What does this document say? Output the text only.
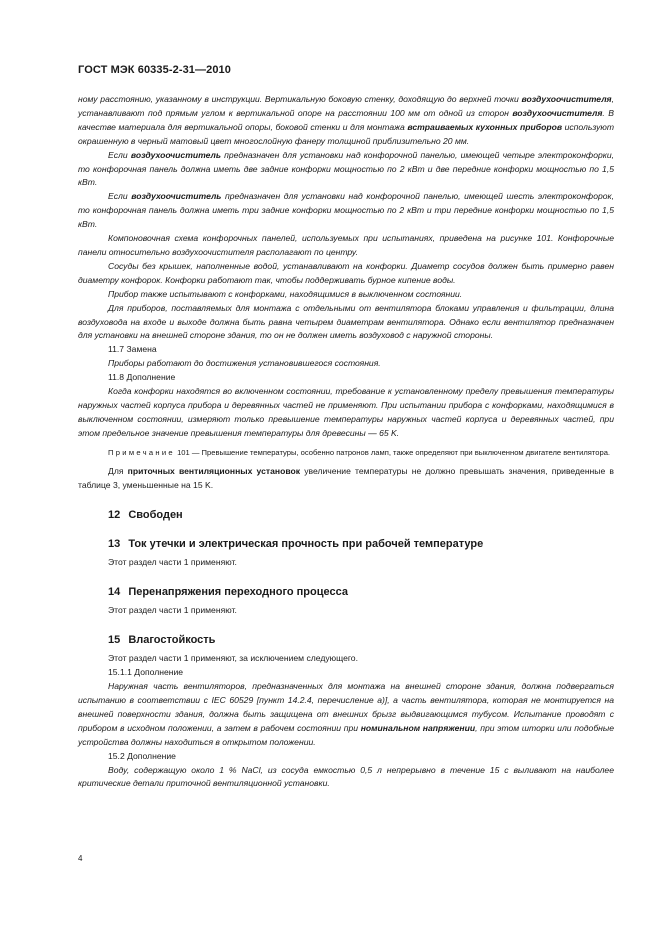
ГОСТ МЭК 60335-2-31—2010

ному расстоянию, указанному в инструкции. Вертикальную боковую стенку, доходящую до верхней точки воздухоочистителя, устанавливают под прямым углом к вертикальной опоре на расстоянии 100 мм от одной из сторон воздухоочистителя. В качестве материала для вертикальной опоры, боковой стенки и для монтажа встраиваемых кухонных приборов используют окрашенную в черный матовый цвет многослойную фанеру толщиной приблизительно 20 мм.

Если воздухоочиститель предназначен для установки над конфорочной панелью, имеющей четыре электроконфорки, то конфорочная панель должна иметь две задние конфорки мощностью по 2 кВт и две передние конфорки мощностью по 1,5 кВт.

Если воздухоочиститель предназначен для установки над конфорочной панелью, имеющей шесть электроконфорок, то конфорочная панель должна иметь три задние конфорки мощностью по 2 кВт и три передние конфорки мощностью по 1,5 кВт.

Компоновочная схема конфорочных панелей, используемых при испытаниях, приведена на рисунке 101. Конфорочные панели относительно воздухоочистителя располагают по центру.

Сосуды без крышек, наполненные водой, устанавливают на конфорки. Диаметр сосудов должен быть примерно равен диаметру конфорок. Конфорки работают так, чтобы поддерживать бурное кипение воды.

Прибор также испытывают с конфорками, находящимися в выключенном состоянии.

Для приборов, поставляемых для монтажа с отдельными от вентилятора блоками управления и фильтрации, длина воздуховода на входе и выходе должна быть равна четырем диаметрам вентилятора. Однако если вентилятор предназначен для установки на внешней стороне здания, то он не должен иметь воздуховод с наружной стороны.

11.7 Замена

Приборы работают до достижения установившегося состояния.

11.8 Дополнение

Когда конфорки находятся во включенном состоянии, требование к установленному пределу превышения температуры наружных частей корпуса прибора и деревянных частей не применяют. При испытании прибора с конфорками, находящимися в выключенном состоянии, измеряют только превышение температуры наружных частей корпуса и деревянных частей, при этом предельное значение превышения температуры для древесины — 65 K.

Примечание 101 — Превышение температуры, особенно патронов ламп, также определяют при выключенном двигателе вентилятора.

Для приточных вентиляционных установок увеличение температуры не должно превышать значения, приведенные в таблице 3, уменьшенные на 15 K.

12 Свободен
13 Ток утечки и электрическая прочность при рабочей температуре

Этот раздел части 1 применяют.

14 Перенапряжения переходного процесса

Этот раздел части 1 применяют.

15 Влагостойкость

Этот раздел части 1 применяют, за исключением следующего.

15.1.1 Дополнение

Наружная часть вентиляторов, предназначенных для монтажа на внешней стороне здания, должна подвергаться испытанию в соответствии с IEC 60529 [пункт 14.2.4, перечисление a)], а часть вентилятора, которая не монтируется на внешней поверхности здания, должна быть защищена от внешних брызг выдвигающимся тубусом. Испытание проводят с прибором в исходном положении, а затем в рабочем состоянии при номинальном напряжении, при этом шторки или подобные устройства должны находиться в открытом положении.

15.2 Дополнение

Воду, содержащую около 1 % NaCl, из сосуда емкостью 0,5 л непрерывно в течение 15 с выливают на наиболее критические детали приточной вентиляционной установки.

4
